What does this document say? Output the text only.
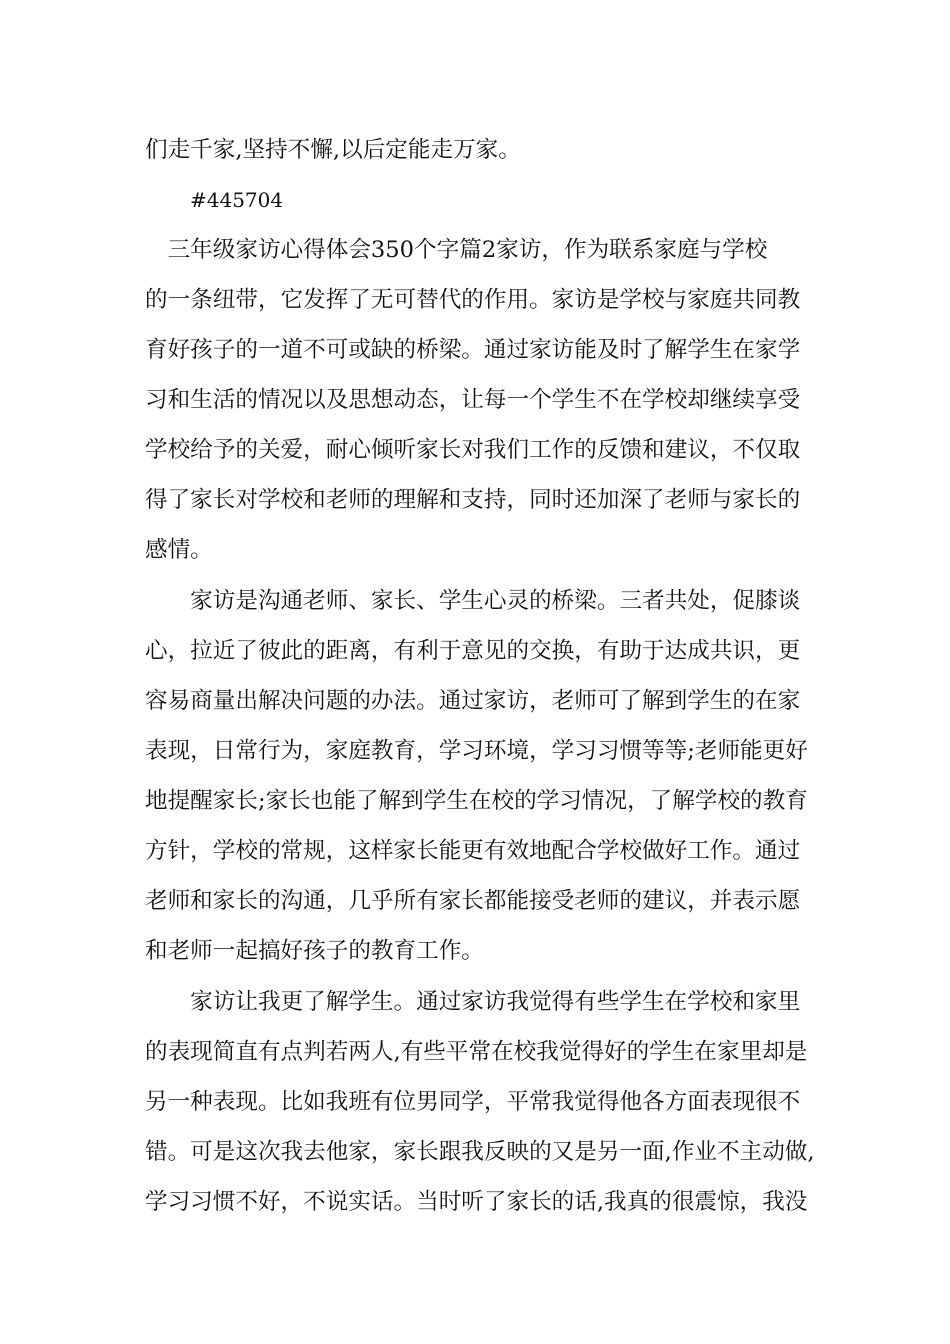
们走千家,坚持不懈,以后定能走万家。
#445704
　三年级家访心得体会350个字篇2家访，作为联系家庭与学校
的一条纽带，它发挥了无可替代的作用。家访是学校与家庭共同教
育好孩子的一道不可或缺的桥梁。通过家访能及时了解学生在家学
习和生活的情况以及思想动态，让每一个学生不在学校却继续享受
学校给予的关爱，耐心倾听家长对我们工作的反馈和建议，不仅取
得了家长对学校和老师的理解和支持，同时还加深了老师与家长的
感情。
　　家访是沟通老师、家长、学生心灵的桥梁。三者共处，促膝谈
心，拉近了彼此的距离，有利于意见的交换，有助于达成共识，更
容易商量出解决问题的办法。通过家访，老师可了解到学生的在家
表现，日常行为，家庭教育，学习环境，学习习惯等等;老师能更好
地提醒家长;家长也能了解到学生在校的学习情况，了解学校的教育
方针，学校的常规，这样家长能更有效地配合学校做好工作。通过
老师和家长的沟通，几乎所有家长都能接受老师的建议，并表示愿
和老师一起搞好孩子的教育工作。
　　家访让我更了解学生。通过家访我觉得有些学生在学校和家里
的表现简直有点判若两人,有些平常在校我觉得好的学生在家里却是
另一种表现。比如我班有位男同学，平常我觉得他各方面表现很不
错。可是这次我去他家，家长跟我反映的又是另一面,作业不主动做,
学习习惯不好，不说实话。当时听了家长的话,我真的很震惊，我没
